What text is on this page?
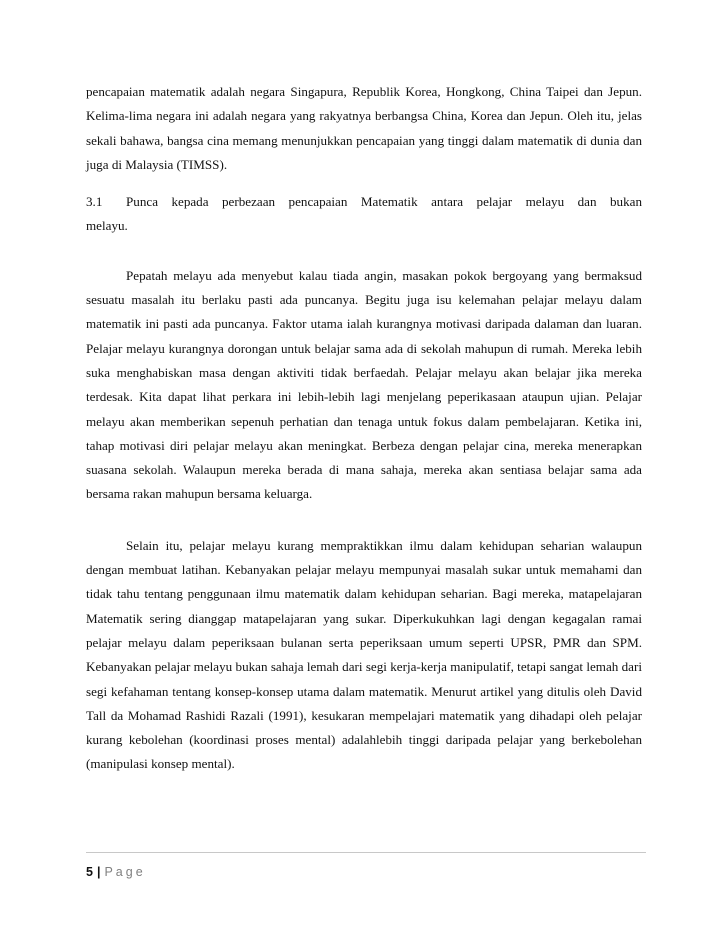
pencapaian matematik adalah negara Singapura, Republik Korea, Hongkong, China Taipei dan Jepun. Kelima-lima negara ini adalah negara yang rakyatnya berbangsa China, Korea dan Jepun. Oleh itu, jelas sekali bahawa, bangsa cina memang menunjukkan pencapaian yang tinggi dalam matematik di dunia dan juga di Malaysia (TIMSS).

3.1	Punca kepada perbezaan pencapaian Matematik antara pelajar melayu dan bukan

melayu.

Pepatah melayu ada menyebut kalau tiada angin, masakan pokok bergoyang yang bermaksud sesuatu masalah itu berlaku pasti ada puncanya. Begitu juga isu kelemahan pelajar melayu dalam matematik ini pasti ada puncanya. Faktor utama ialah kurangnya motivasi daripada dalaman dan luaran. Pelajar melayu kurangnya dorongan untuk belajar sama ada di sekolah mahupun di rumah. Mereka lebih suka menghabiskan masa dengan aktiviti tidak berfaedah. Pelajar melayu akan belajar jika mereka terdesak. Kita dapat lihat perkara ini lebih-lebih lagi menjelang peperikasaan ataupun ujian. Pelajar melayu akan memberikan sepenuh perhatian dan tenaga untuk fokus dalam pembelajaran. Ketika ini, tahap motivasi diri pelajar melayu akan meningkat. Berbeza dengan pelajar cina, mereka menerapkan suasana sekolah. Walaupun mereka berada di mana sahaja, mereka akan sentiasa belajar sama ada bersama rakan mahupun bersama keluarga.

Selain itu, pelajar melayu kurang mempraktikkan ilmu dalam kehidupan seharian walaupun dengan membuat latihan. Kebanyakan pelajar melayu mempunyai masalah sukar untuk memahami dan tidak tahu tentang penggunaan ilmu matematik dalam kehidupan seharian. Bagi mereka, matapelajaran Matematik sering dianggap matapelajaran yang sukar. Diperkukuhkan lagi dengan kegagalan ramai pelajar melayu dalam peperiksaan bulanan serta peperiksaan umum seperti UPSR, PMR dan SPM. Kebanyakan pelajar melayu bukan sahaja lemah dari segi kerja-kerja manipulatif, tetapi sangat lemah dari segi kefahaman tentang konsep-konsep utama dalam matematik. Menurut artikel yang ditulis oleh David Tall da Mohamad Rashidi Razali (1991), kesukaran mempelajari matematik yang dihadapi oleh pelajar kurang kebolehan (koordinasi proses mental) adalahlebih tinggi daripada pelajar yang berkebolehan (manipulasi konsep mental).

5 | Page
